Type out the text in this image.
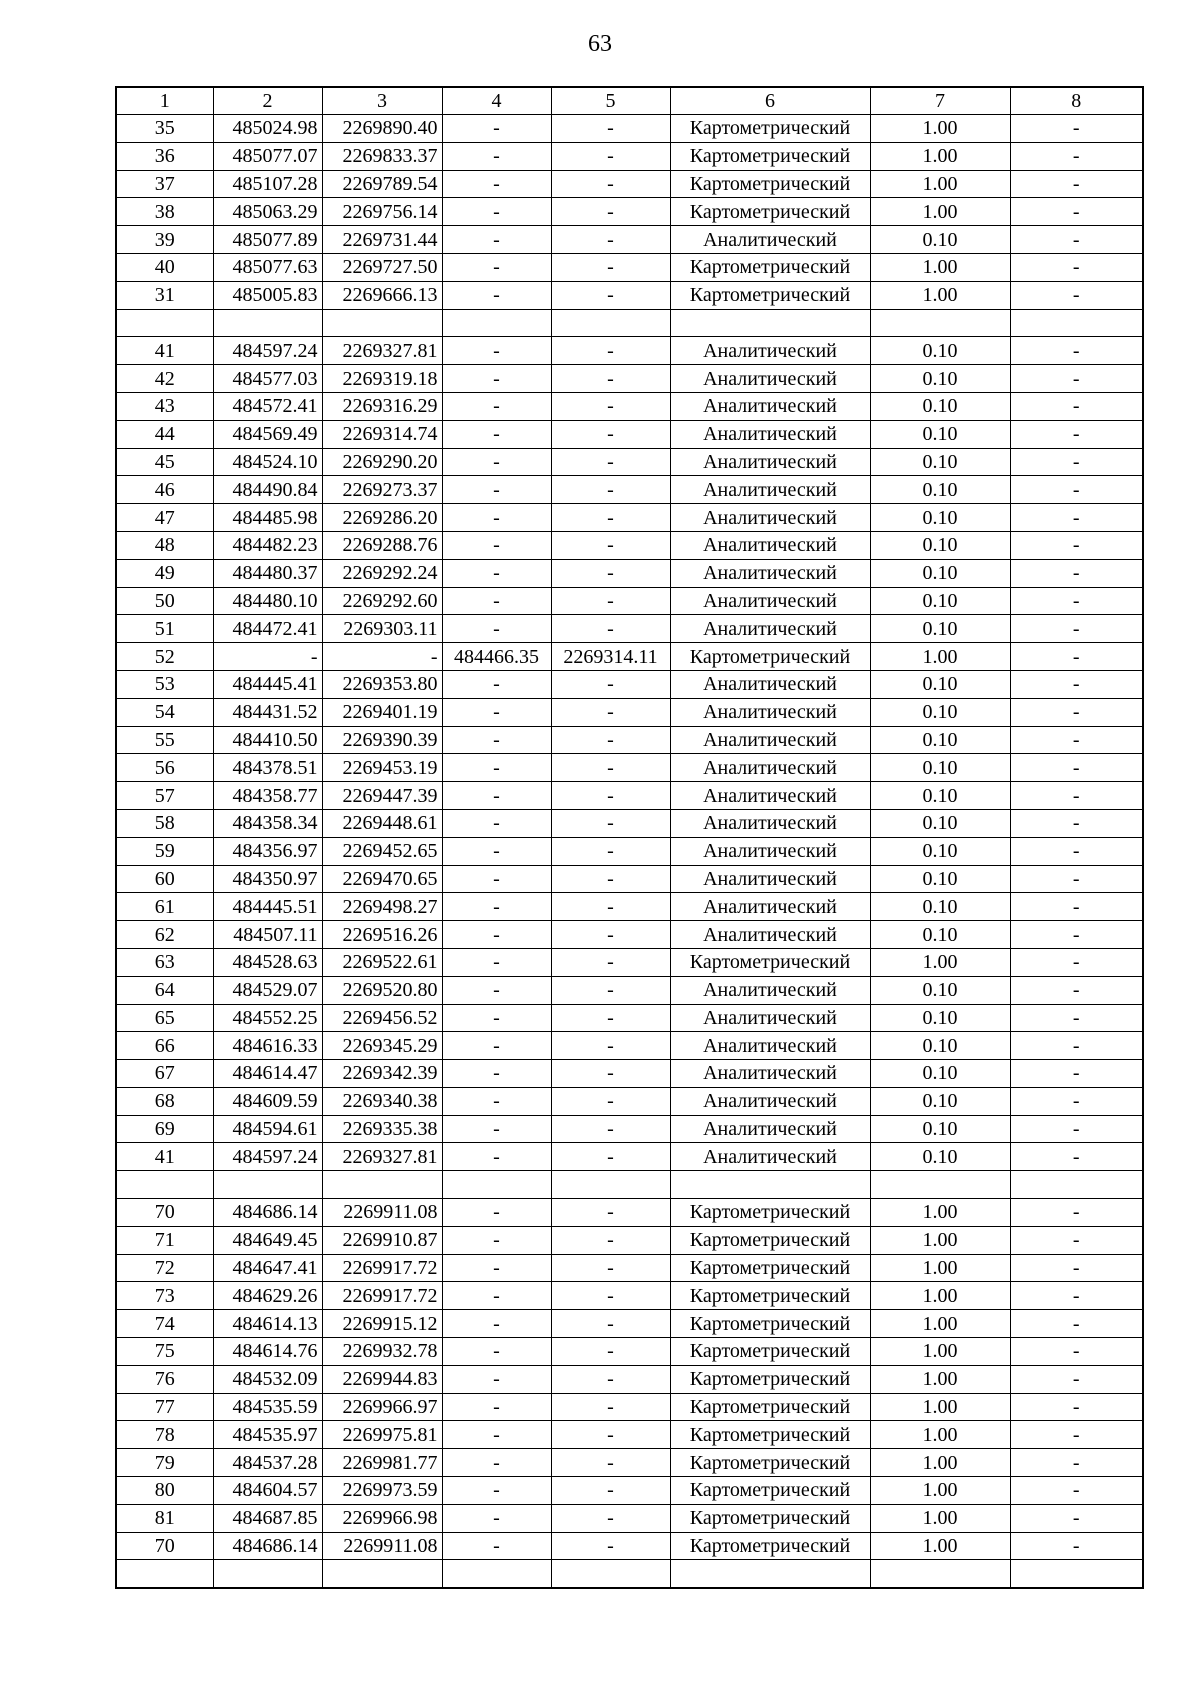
63
1	2	3	4	5	6	7	8
35	485024.98	2269890.40	-	-	Картометрический	1.00	-
36	485077.07	2269833.37	-	-	Картометрический	1.00	-
37	485107.28	2269789.54	-	-	Картометрический	1.00	-
38	485063.29	2269756.14	-	-	Картометрический	1.00	-
39	485077.89	2269731.44	-	-	Аналитический	0.10	-
40	485077.63	2269727.50	-	-	Картометрический	1.00	-
31	485005.83	2269666.13	-	-	Картометрический	1.00	-

41	484597.24	2269327.81	-	-	Аналитический	0.10	-
42	484577.03	2269319.18	-	-	Аналитический	0.10	-
43	484572.41	2269316.29	-	-	Аналитический	0.10	-
44	484569.49	2269314.74	-	-	Аналитический	0.10	-
45	484524.10	2269290.20	-	-	Аналитический	0.10	-
46	484490.84	2269273.37	-	-	Аналитический	0.10	-
47	484485.98	2269286.20	-	-	Аналитический	0.10	-
48	484482.23	2269288.76	-	-	Аналитический	0.10	-
49	484480.37	2269292.24	-	-	Аналитический	0.10	-
50	484480.10	2269292.60	-	-	Аналитический	0.10	-
51	484472.41	2269303.11	-	-	Аналитический	0.10	-
52	-	-	484466.35	2269314.11	Картометрический	1.00	-
53	484445.41	2269353.80	-	-	Аналитический	0.10	-
54	484431.52	2269401.19	-	-	Аналитический	0.10	-
55	484410.50	2269390.39	-	-	Аналитический	0.10	-
56	484378.51	2269453.19	-	-	Аналитический	0.10	-
57	484358.77	2269447.39	-	-	Аналитический	0.10	-
58	484358.34	2269448.61	-	-	Аналитический	0.10	-
59	484356.97	2269452.65	-	-	Аналитический	0.10	-
60	484350.97	2269470.65	-	-	Аналитический	0.10	-
61	484445.51	2269498.27	-	-	Аналитический	0.10	-
62	484507.11	2269516.26	-	-	Аналитический	0.10	-
63	484528.63	2269522.61	-	-	Картометрический	1.00	-
64	484529.07	2269520.80	-	-	Аналитический	0.10	-
65	484552.25	2269456.52	-	-	Аналитический	0.10	-
66	484616.33	2269345.29	-	-	Аналитический	0.10	-
67	484614.47	2269342.39	-	-	Аналитический	0.10	-
68	484609.59	2269340.38	-	-	Аналитический	0.10	-
69	484594.61	2269335.38	-	-	Аналитический	0.10	-
41	484597.24	2269327.81	-	-	Аналитический	0.10	-

70	484686.14	2269911.08	-	-	Картометрический	1.00	-
71	484649.45	2269910.87	-	-	Картометрический	1.00	-
72	484647.41	2269917.72	-	-	Картометрический	1.00	-
73	484629.26	2269917.72	-	-	Картометрический	1.00	-
74	484614.13	2269915.12	-	-	Картометрический	1.00	-
75	484614.76	2269932.78	-	-	Картометрический	1.00	-
76	484532.09	2269944.83	-	-	Картометрический	1.00	-
77	484535.59	2269966.97	-	-	Картометрический	1.00	-
78	484535.97	2269975.81	-	-	Картометрический	1.00	-
79	484537.28	2269981.77	-	-	Картометрический	1.00	-
80	484604.57	2269973.59	-	-	Картометрический	1.00	-
81	484687.85	2269966.98	-	-	Картометрический	1.00	-
70	484686.14	2269911.08	-	-	Картометрический	1.00	-
